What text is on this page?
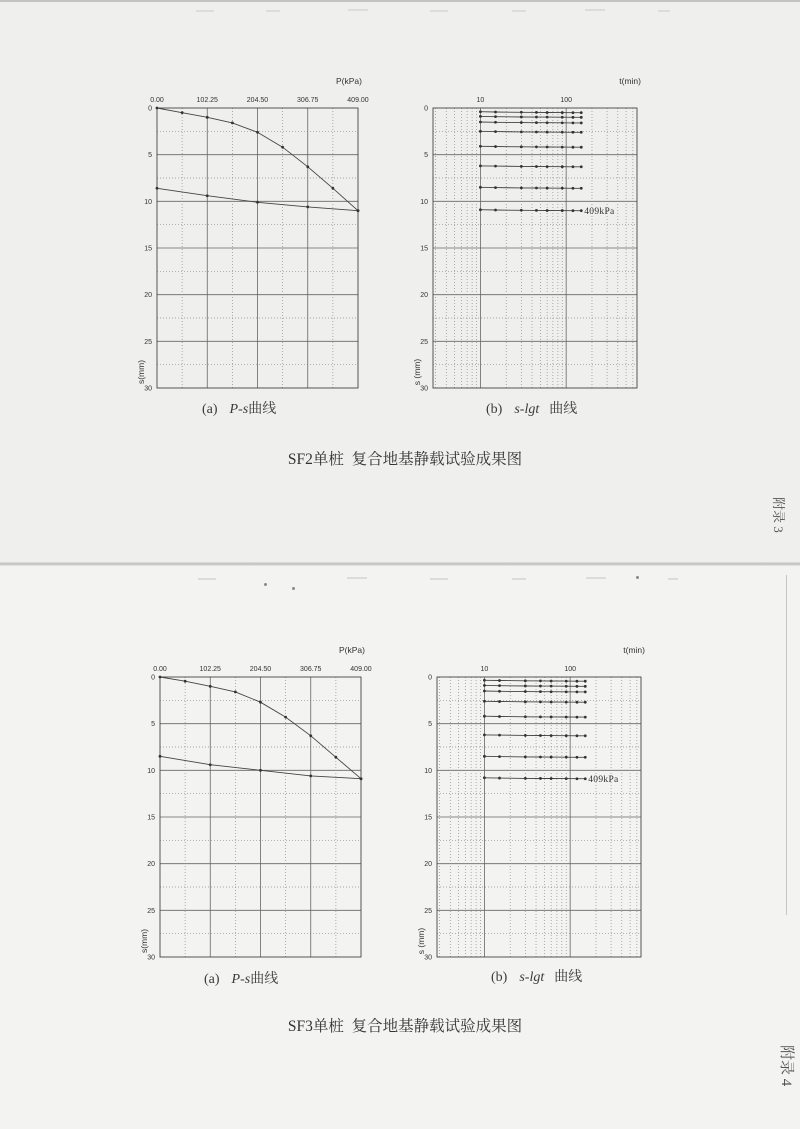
0.00	102.25	204.50	306.75	409.00
0
5
10
15
20
25
30
P(kPa)
s(mm)
10	100
0
5
10
15
20
25
30
t(min)
s (mm)
409kPa
(a) P-s曲线	(b) s-lgt 曲线
SF2单桩  复合地基静载试验成果图
附录 3
0.00	102.25	204.50	306.75	409.00
0
5
10
15
20
25
30
P(kPa)
s(mm)
10	100
0
5
10
15
20
25
30
t(min)
s (mm)
409kPa
(a) P-s曲线	(b) s-lgt 曲线
SF3单桩  复合地基静载试验成果图
附录 4
